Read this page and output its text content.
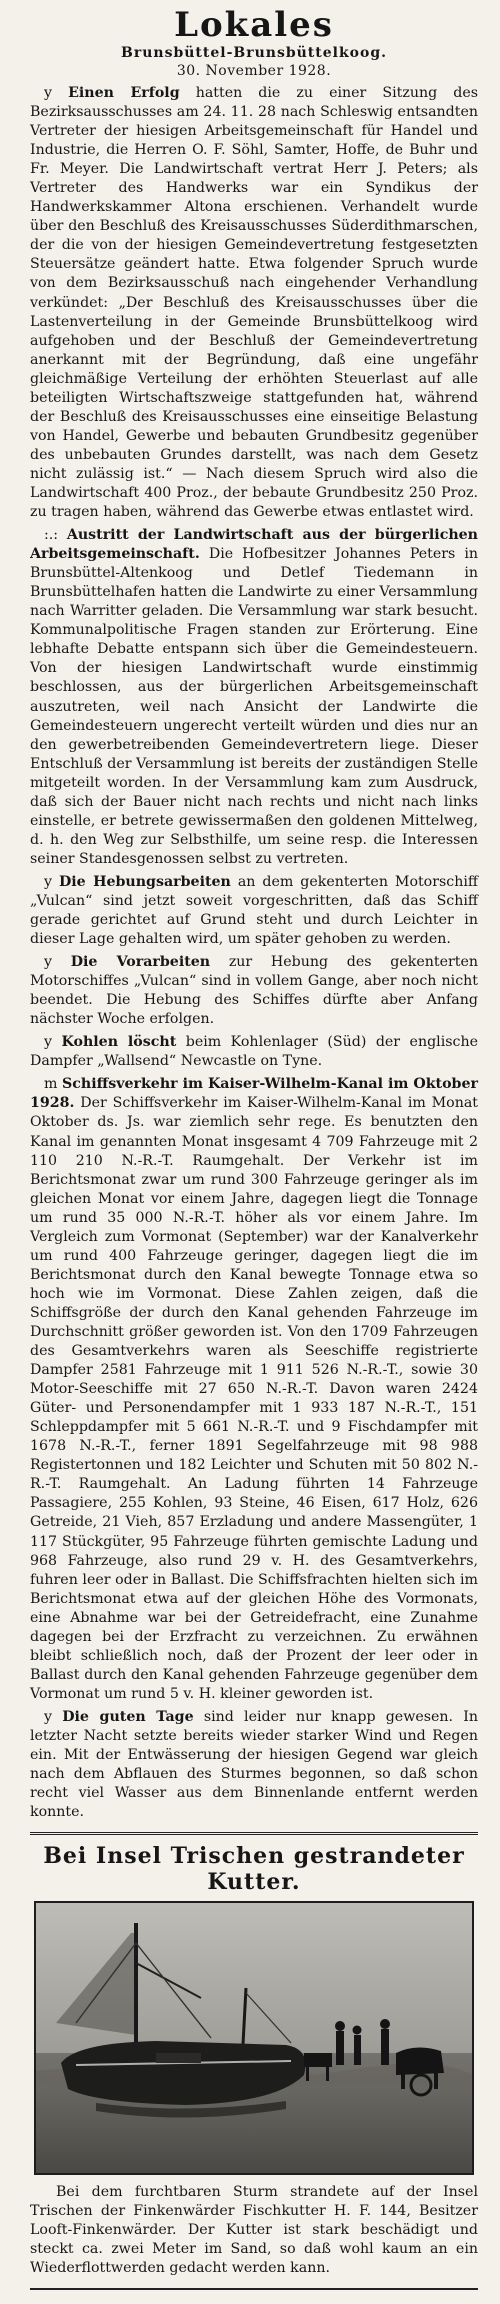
Lokales
Brunsbüttel-Brunsbüttelkoog.
30. November 1928.

y Einen Erfolg hatten die zu einer Sitzung des Bezirksausschusses am 24. 11. 28 nach Schleswig entsandten Vertreter der hiesigen Arbeitsgemeinschaft für Handel und Industrie, die Herren O. F. Söhl, Samter, Hoffe, de Buhr und Fr. Meyer. Die Landwirtschaft vertrat Herr J. Peters; als Vertreter des Handwerks war ein Syndikus der Handwerkskammer Altona erschienen. Verhandelt wurde über den Beschluß des Kreisausschusses Süderdithmarschen, der die von der hiesigen Gemeindevertretung festgesetzten Steuersätze geändert hatte. Etwa folgender Spruch wurde von dem Bezirksausschuß nach eingehender Verhandlung verkündet: „Der Beschluß des Kreisausschusses über die Lastenverteilung in der Gemeinde Brunsbüttelkoog wird aufgehoben und der Beschluß der Gemeindevertretung anerkannt mit der Begründung, daß eine ungefähr gleichmäßige Verteilung der erhöhten Steuerlast auf alle beteiligten Wirtschaftszweige stattgefunden hat, während der Beschluß des Kreisausschusses eine einseitige Belastung von Handel, Gewerbe und bebauten Grundbesitz gegenüber des unbebauten Grundes darstellt, was nach dem Gesetz nicht zulässig ist.“ — Nach diesem Spruch wird also die Landwirtschaft 400 Proz., der bebaute Grundbesitz 250 Proz. zu tragen haben, während das Gewerbe etwas entlastet wird.

:.: Austritt der Landwirtschaft aus der bürgerlichen Arbeitsgemeinschaft. Die Hofbesitzer Johannes Peters in Brunsbüttel-Altenkoog und Detlef Tiedemann in Brunsbüttelhafen hatten die Landwirte zu einer Versammlung nach Warritter geladen. Die Versammlung war stark besucht. Kommunalpolitische Fragen standen zur Erörterung. Eine lebhafte Debatte entspann sich über die Gemeindesteuern. Von der hiesigen Landwirtschaft wurde einstimmig beschlossen, aus der bürgerlichen Arbeitsgemeinschaft auszutreten, weil nach Ansicht der Landwirte die Gemeindesteuern ungerecht verteilt würden und dies nur an den gewerbetreibenden Gemeindevertretern liege. Dieser Entschluß der Versammlung ist bereits der zuständigen Stelle mitgeteilt worden. In der Versammlung kam zum Ausdruck, daß sich der Bauer nicht nach rechts und nicht nach links einstelle, er betrete gewissermaßen den goldenen Mittelweg, d. h. den Weg zur Selbsthilfe, um seine resp. die Interessen seiner Standesgenossen selbst zu vertreten.

y Die Hebungsarbeiten an dem gekenterten Motorschiff „Vulcan“ sind jetzt soweit vorgeschritten, daß das Schiff gerade gerichtet auf Grund steht und durch Leichter in dieser Lage gehalten wird, um später gehoben zu werden.

y Die Vorarbeiten zur Hebung des gekenterten Motorschiffes „Vulcan“ sind in vollem Gange, aber noch nicht beendet. Die Hebung des Schiffes dürfte aber Anfang nächster Woche erfolgen.

y Kohlen löscht beim Kohlenlager (Süd) der englische Dampfer „Wallsend“ Newcastle on Tyne.

m Schiffsverkehr im Kaiser-Wilhelm-Kanal im Oktober 1928. Der Schiffsverkehr im Kaiser-Wilhelm-Kanal im Monat Oktober ds. Js. war ziemlich sehr rege. Es benutzten den Kanal im genannten Monat insgesamt 4 709 Fahrzeuge mit 2 110 210 N.-R.-T. Raumgehalt. Der Verkehr ist im Berichtsmonat zwar um rund 300 Fahrzeuge geringer als im gleichen Monat vor einem Jahre, dagegen liegt die Tonnage um rund 35 000 N.-R.-T. höher als vor einem Jahre. Im Vergleich zum Vormonat (September) war der Kanalverkehr um rund 400 Fahrzeuge geringer, dagegen liegt die im Berichtsmonat durch den Kanal bewegte Tonnage etwa so hoch wie im Vormonat. Diese Zahlen zeigen, daß die Schiffsgröße der durch den Kanal gehenden Fahrzeuge im Durchschnitt größer geworden ist. Von den 1709 Fahrzeugen des Gesamtverkehrs waren als Seeschiffe registrierte Dampfer 2581 Fahrzeuge mit 1 911 526 N.-R.-T., sowie 30 Motor-Seeschiffe mit 27 650 N.-R.-T. Davon waren 2424 Güter- und Personendampfer mit 1 933 187 N.-R.-T., 151 Schleppdampfer mit 5 661 N.-R.-T. und 9 Fischdampfer mit 1678 N.-R.-T., ferner 1891 Segelfahrzeuge mit 98 988 Registertonnen und 182 Leichter und Schuten mit 50 802 N.-R.-T. Raumgehalt. An Ladung führten 14 Fahrzeuge Passagiere, 255 Kohlen, 93 Steine, 46 Eisen, 617 Holz, 626 Getreide, 21 Vieh, 857 Erzladung und andere Massengüter, 1 117 Stückgüter, 95 Fahrzeuge führten gemischte Ladung und 968 Fahrzeuge, also rund 29 v. H. des Gesamtverkehrs, fuhren leer oder in Ballast. Die Schiffsfrachten hielten sich im Berichtsmonat etwa auf der gleichen Höhe des Vormonats, eine Abnahme war bei der Getreidefracht, eine Zunahme dagegen bei der Erzfracht zu verzeichnen. Zu erwähnen bleibt schließlich noch, daß der Prozent der leer oder in Ballast durch den Kanal gehenden Fahrzeuge gegenüber dem Vormonat um rund 5 v. H. kleiner geworden ist.

y Die guten Tage sind leider nur knapp gewesen. In letzter Nacht setzte bereits wieder starker Wind und Regen ein. Mit der Entwässerung der hiesigen Gegend war gleich nach dem Abflauen des Sturmes begonnen, so daß schon recht viel Wasser aus dem Binnenlande entfernt werden konnte.

Bei Insel Trischen gestrandeter Kutter.

Bei dem furchtbaren Sturm strandete auf der Insel Trischen der Finkenwärder Fischkutter H. F. 144, Besitzer Looft-Finkenwärder. Der Kutter ist stark beschädigt und steckt ca. zwei Meter im Sand, so daß wohl kaum an ein Wiederflottwerden gedacht werden kann.
